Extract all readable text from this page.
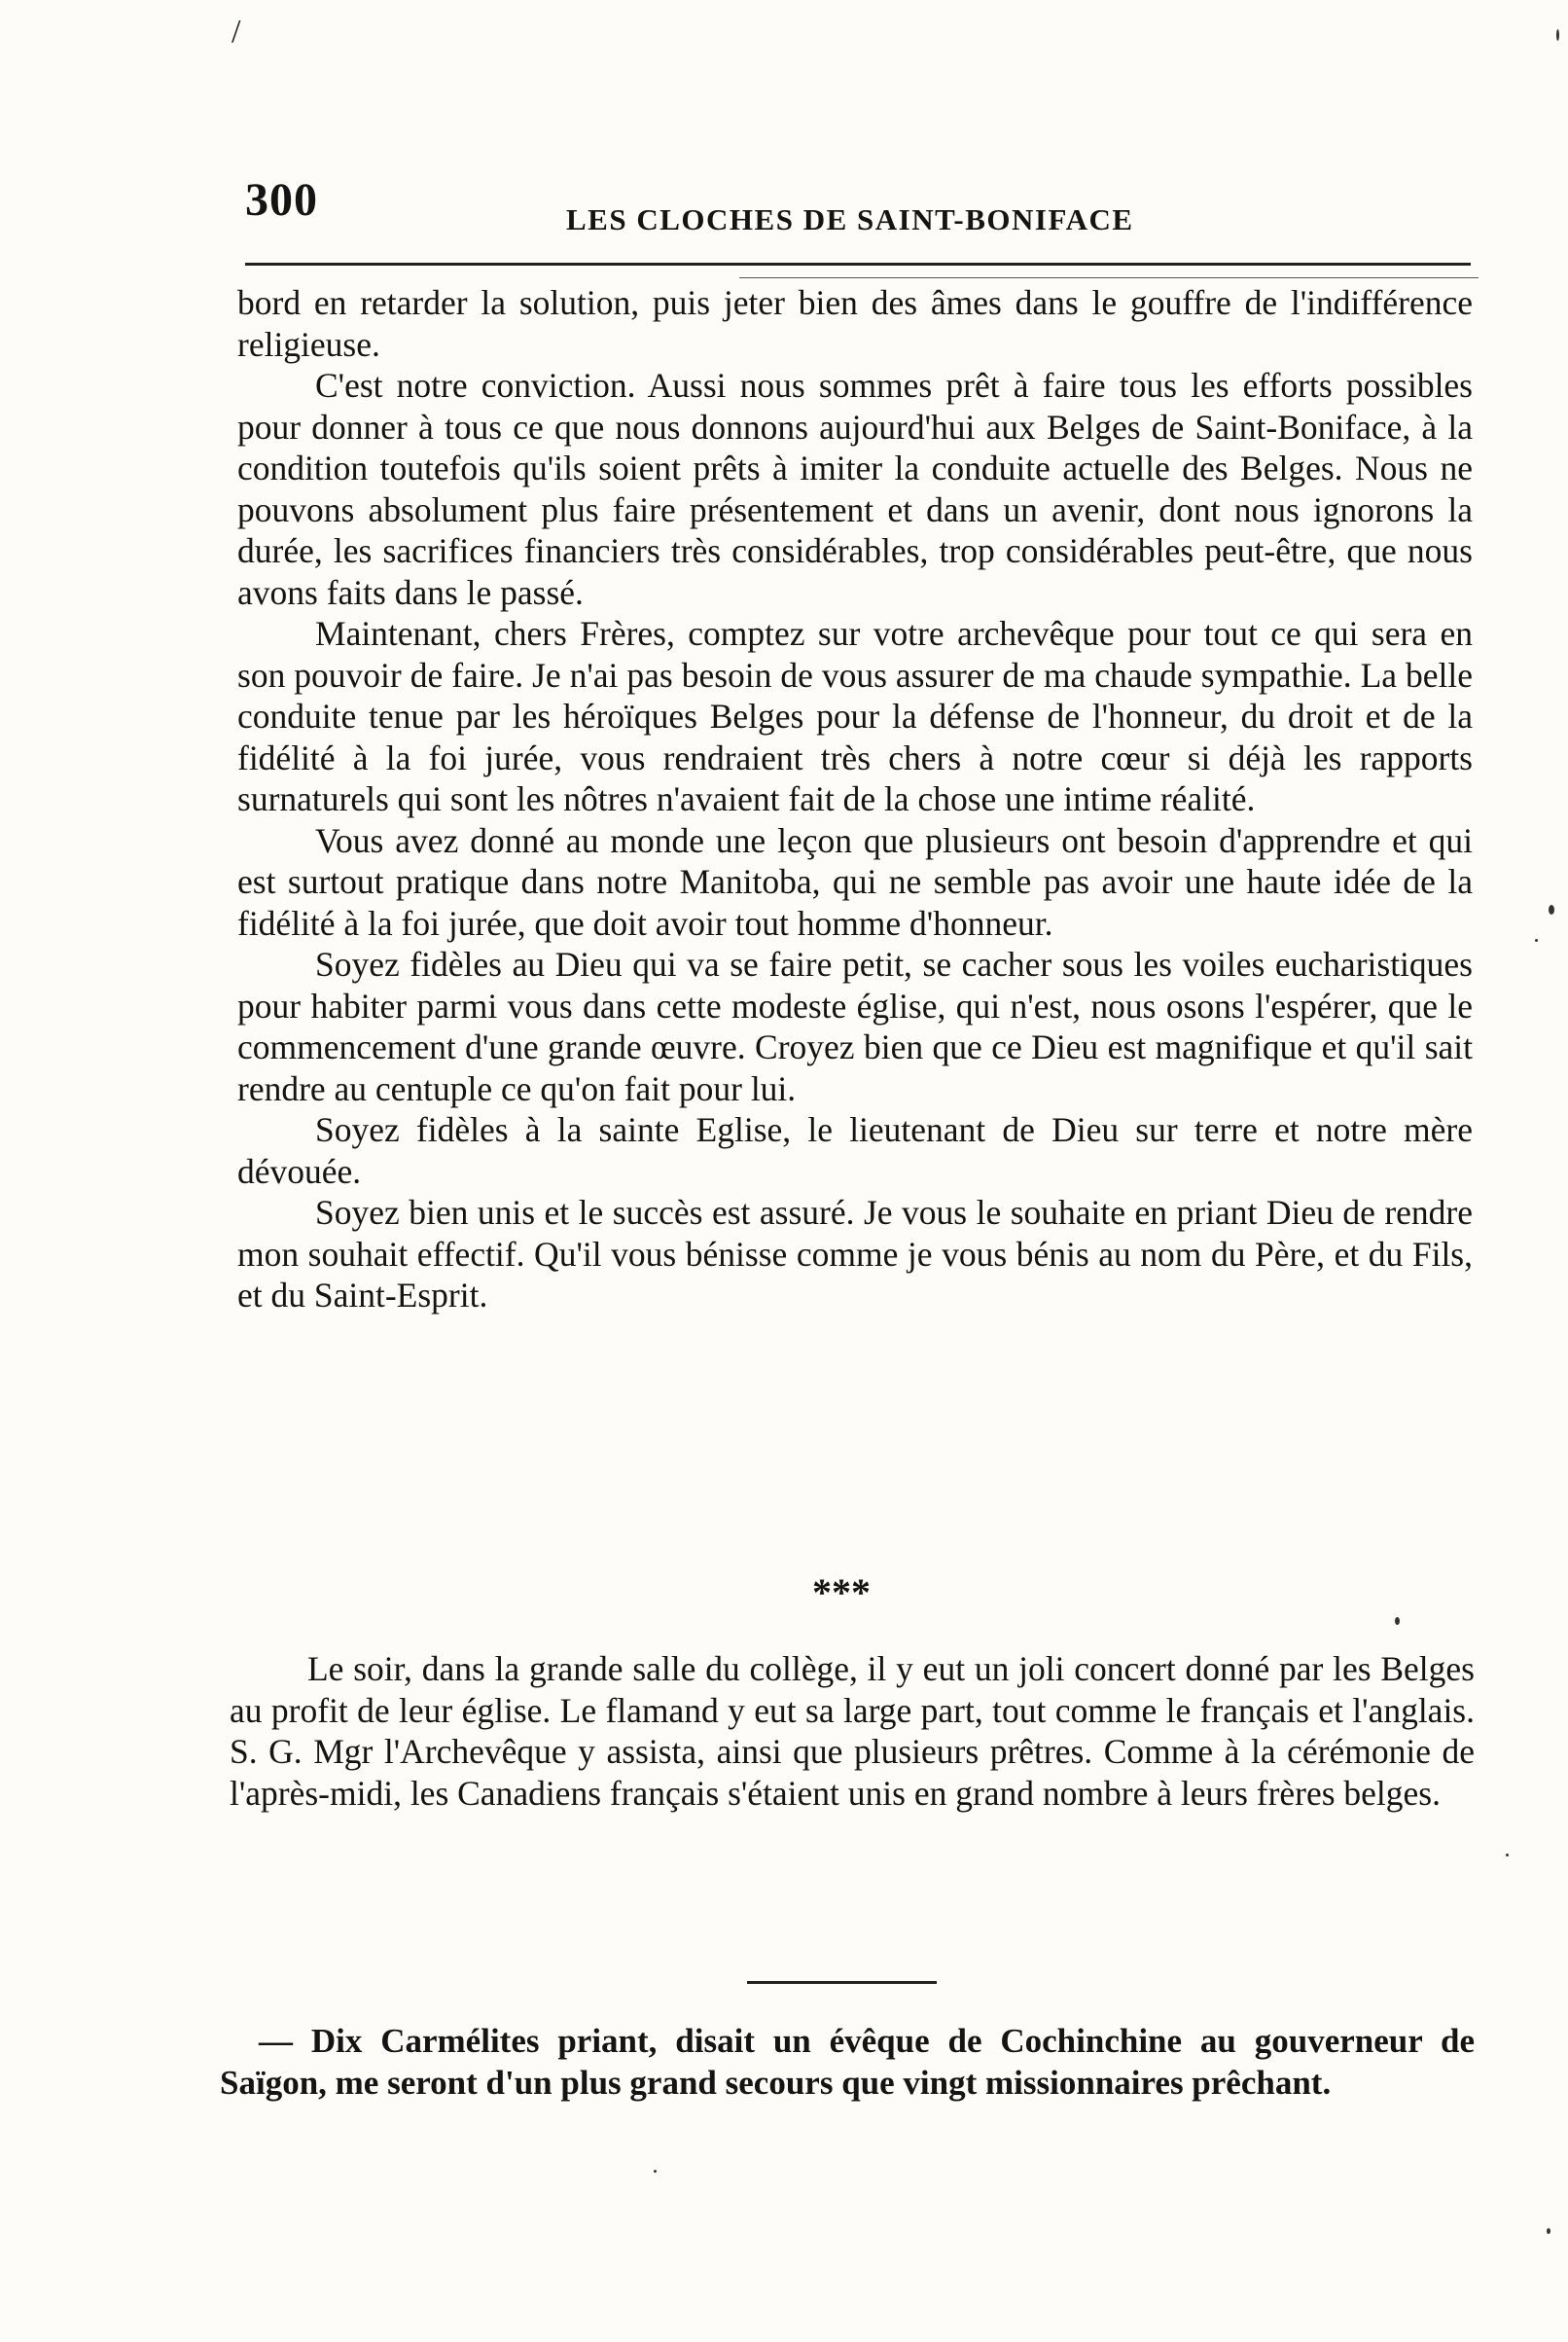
/
300	LES CLOCHES DE SAINT-BONIFACE

bord en retarder la solution, puis jeter bien des âmes dans le gouffre de l'indifférence religieuse.

C'est notre conviction. Aussi nous sommes prêt à faire tous les efforts possibles pour donner à tous ce que nous donnons aujourd'hui aux Belges de Saint-Boniface, à la condition toutefois qu'ils soient prêts à imiter la conduite actuelle des Belges. Nous ne pouvons absolument plus faire présentement et dans un avenir, dont nous ignorons la durée, les sacrifices financiers très considérables, trop considérables peut-être, que nous avons faits dans le passé.

Maintenant, chers Frères, comptez sur votre archevêque pour tout ce qui sera en son pouvoir de faire. Je n'ai pas besoin de vous assurer de ma chaude sympathie. La belle conduite tenue par les héroïques Belges pour la défense de l'honneur, du droit et de la fidélité à la foi jurée, vous rendraient très chers à notre cœur si déjà les rapports surnaturels qui sont les nôtres n'avaient fait de la chose une intime réalité.

Vous avez donné au monde une leçon que plusieurs ont besoin d'apprendre et qui est surtout pratique dans notre Manitoba, qui ne semble pas avoir une haute idée de la fidélité à la foi jurée, que doit avoir tout homme d'honneur.

Soyez fidèles au Dieu qui va se faire petit, se cacher sous les voiles eucharistiques pour habiter parmi vous dans cette modeste église, qui n'est, nous osons l'espérer, que le commencement d'une grande œuvre. Croyez bien que ce Dieu est magnifique et qu'il sait rendre au centuple ce qu'on fait pour lui.

Soyez fidèles à la sainte Eglise, le lieutenant de Dieu sur terre et notre mère dévouée.

Soyez bien unis et le succès est assuré. Je vous le souhaite en priant Dieu de rendre mon souhait effectif. Qu'il vous bénisse comme je vous bénis au nom du Père, et du Fils, et du Saint-Esprit.

***

Le soir, dans la grande salle du collège, il y eut un joli concert donné par les Belges au profit de leur église. Le flamand y eut sa large part, tout comme le français et l'anglais. S. G. Mgr l'Archevêque y assista, ainsi que plusieurs prêtres. Comme à la cérémonie de l'après-midi, les Canadiens français s'étaient unis en grand nombre à leurs frères belges.

— Dix Carmélites priant, disait un évêque de Cochinchine au gouverneur de Saïgon, me seront d'un plus grand secours que vingt missionnaires prêchant.
